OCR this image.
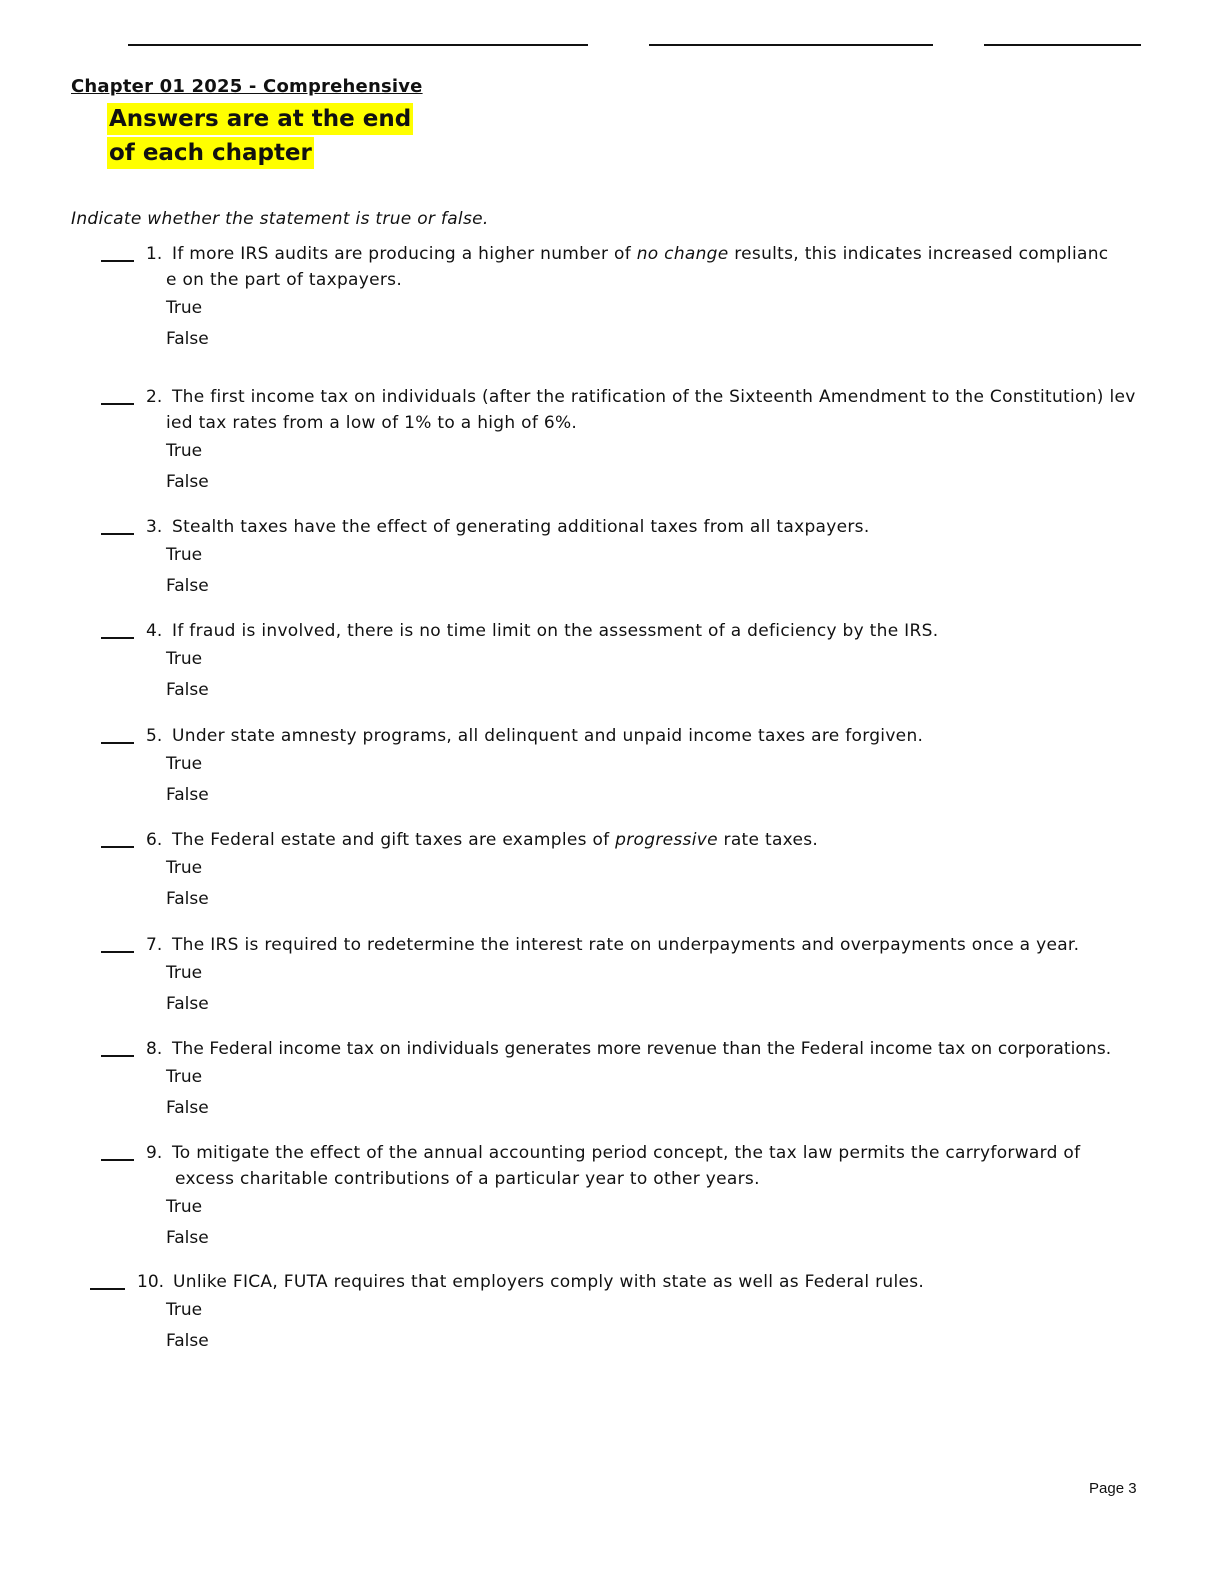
Chapter 01 2025 - Comprehensive
Answers are at the end
of each chapter
Indicate whether the statement is true or false.
1. If more IRS audits are producing a higher number of no change results, this indicates increased complianc
e on the part of taxpayers.
True
False
2. The first income tax on individuals (after the ratification of the Sixteenth Amendment to the Constitution) lev
ied tax rates from a low of 1% to a high of 6%.
True
False
3. Stealth taxes have the effect of generating additional taxes from all taxpayers.
True
False
4. If fraud is involved, there is no time limit on the assessment of a deficiency by the IRS.
True
False
5. Under state amnesty programs, all delinquent and unpaid income taxes are forgiven.
True
False
6. The Federal estate and gift taxes are examples of progressive rate taxes.
True
False
7. The IRS is required to redetermine the interest rate on underpayments and overpayments once a year.
True
False
8. The Federal income tax on individuals generates more revenue than the Federal income tax on corporations.
True
False
9. To mitigate the effect of the annual accounting period concept, the tax law permits the carryforward of
excess charitable contributions of a particular year to other years.
True
False
10. Unlike FICA, FUTA requires that employers comply with state as well as Federal rules.
True
False
Page 3
